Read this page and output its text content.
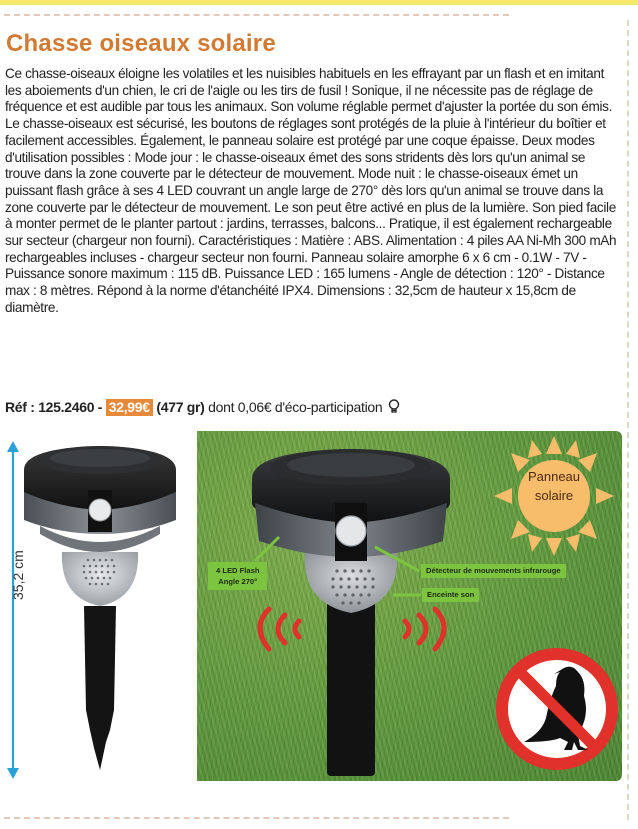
Chasse oiseaux solaire

Ce chasse-oiseaux éloigne les volatiles et les nuisibles habituels en les effrayant par un flash et en imitant les aboiements d'un chien, le cri de l'aigle ou les tirs de fusil ! Sonique, il ne nécessite pas de réglage de fréquence et est audible par tous les animaux. Son volume réglable permet d'ajuster la portée du son émis. Le chasse-oiseaux est sécurisé, les boutons de réglages sont protégés de la pluie à l'intérieur du boîtier et facilement accessibles. Également, le panneau solaire est protégé par une coque épaisse. Deux modes d'utilisation possibles : Mode jour : le chasse-oiseaux émet des sons stridents dès lors qu'un animal se trouve dans la zone couverte par le détecteur de mouvement. Mode nuit : le chasse-oiseaux émet un puissant flash grâce à ses 4 LED couvrant un angle large de 270° dès lors qu'un animal se trouve dans la zone couverte par le détecteur de mouvement. Le son peut être activé en plus de la lumière. Son pied facile à monter permet de le planter partout : jardins, terrasses, balcons... Pratique, il est également rechargeable sur secteur (chargeur non fourni). Caractéristiques : Matière : ABS. Alimentation : 4 piles AA Ni-Mh 300 mAh rechargeables incluses - chargeur secteur non fourni. Panneau solaire amorphe 6 x 6 cm - 0.1W - 7V - Puissance sonore maximum : 115 dB. Puissance LED : 165 lumens - Angle de détection : 120° - Distance max : 8 mètres. Répond à la norme d'étanchéité IPX4. Dimensions : 32,5cm de hauteur x 15,8cm de diamètre.

Réf : 125.2460 - 32,99€ (477 gr) dont 0,06€ d'éco-participation
35,2 cm	4 LED Flash
Angle 270°
Détecteur de mouvements infrarouge
Enceinte son
Panneau
solaire
